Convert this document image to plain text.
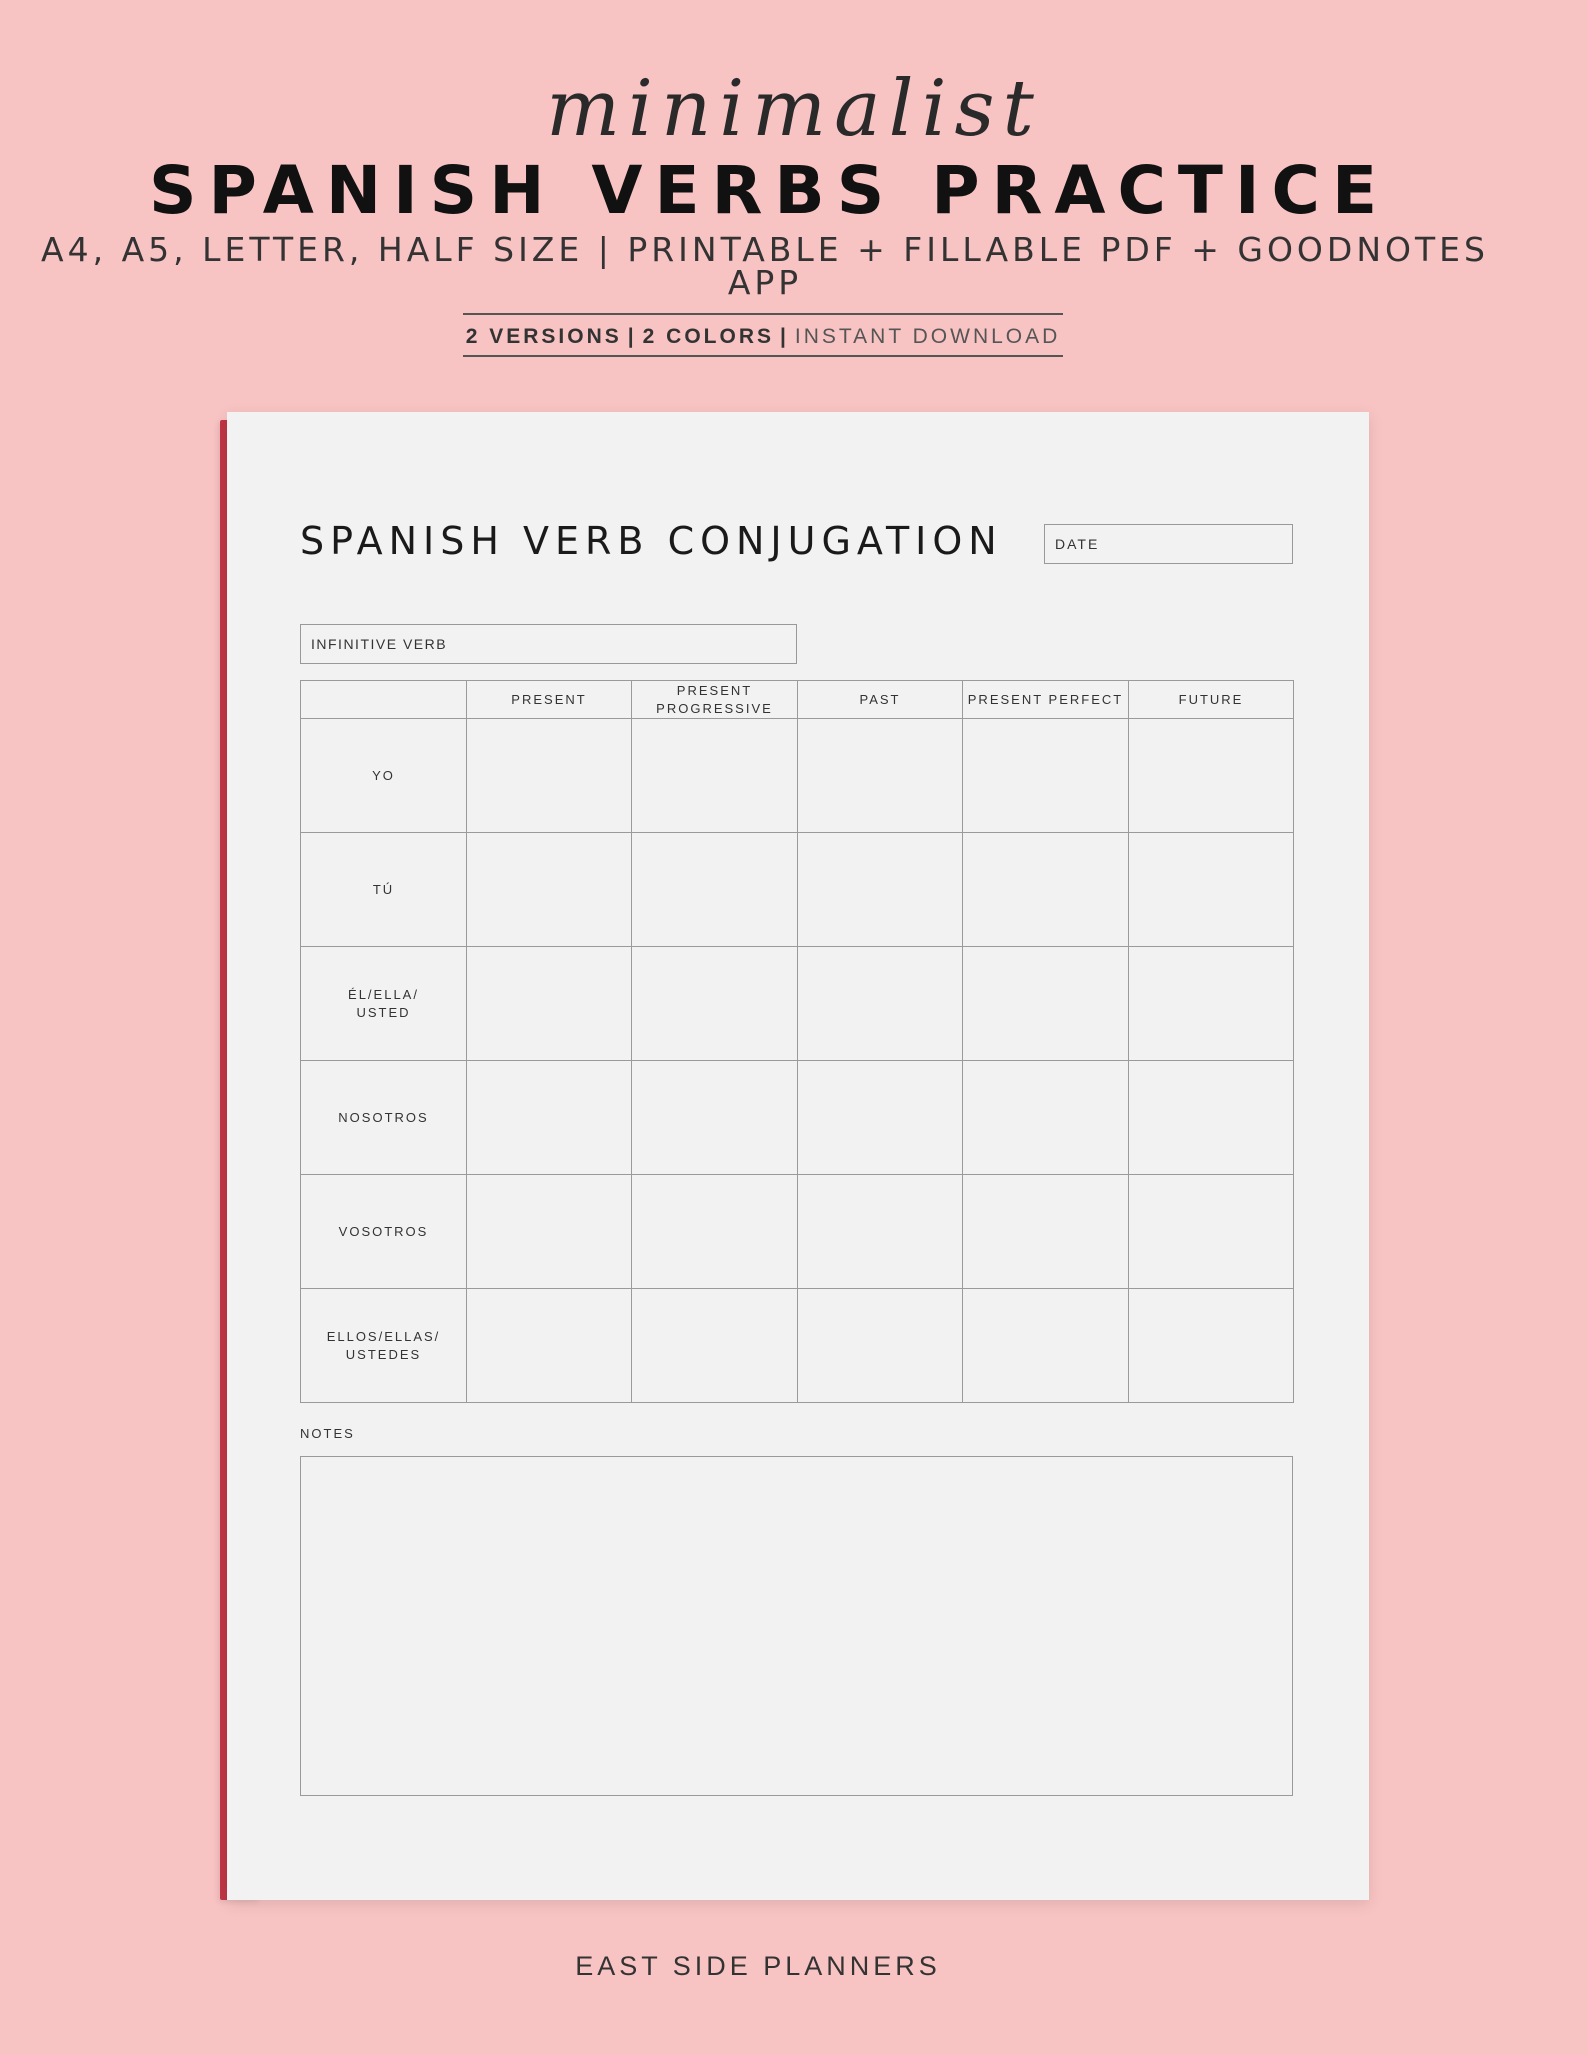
minimalist
SPANISH VERBS PRACTICE
A4, A5, LETTER, HALF SIZE | PRINTABLE + FILLABLE PDF + GOODNOTES APP
2 VERSIONS | 2 COLORS | INSTANT DOWNLOAD
SPANISH VERB CONJUGATION	DATE
INFINITIVE VERB
	PRESENT	PRESENT PROGRESSIVE	PAST	PRESENT PERFECT	FUTURE
YO					
TÚ					
ÉL/ELLA/ USTED					
NOSOTROS					
VOSOTROS					
ELLOS/ELLAS/ USTEDES					
NOTES
EAST SIDE PLANNERS
